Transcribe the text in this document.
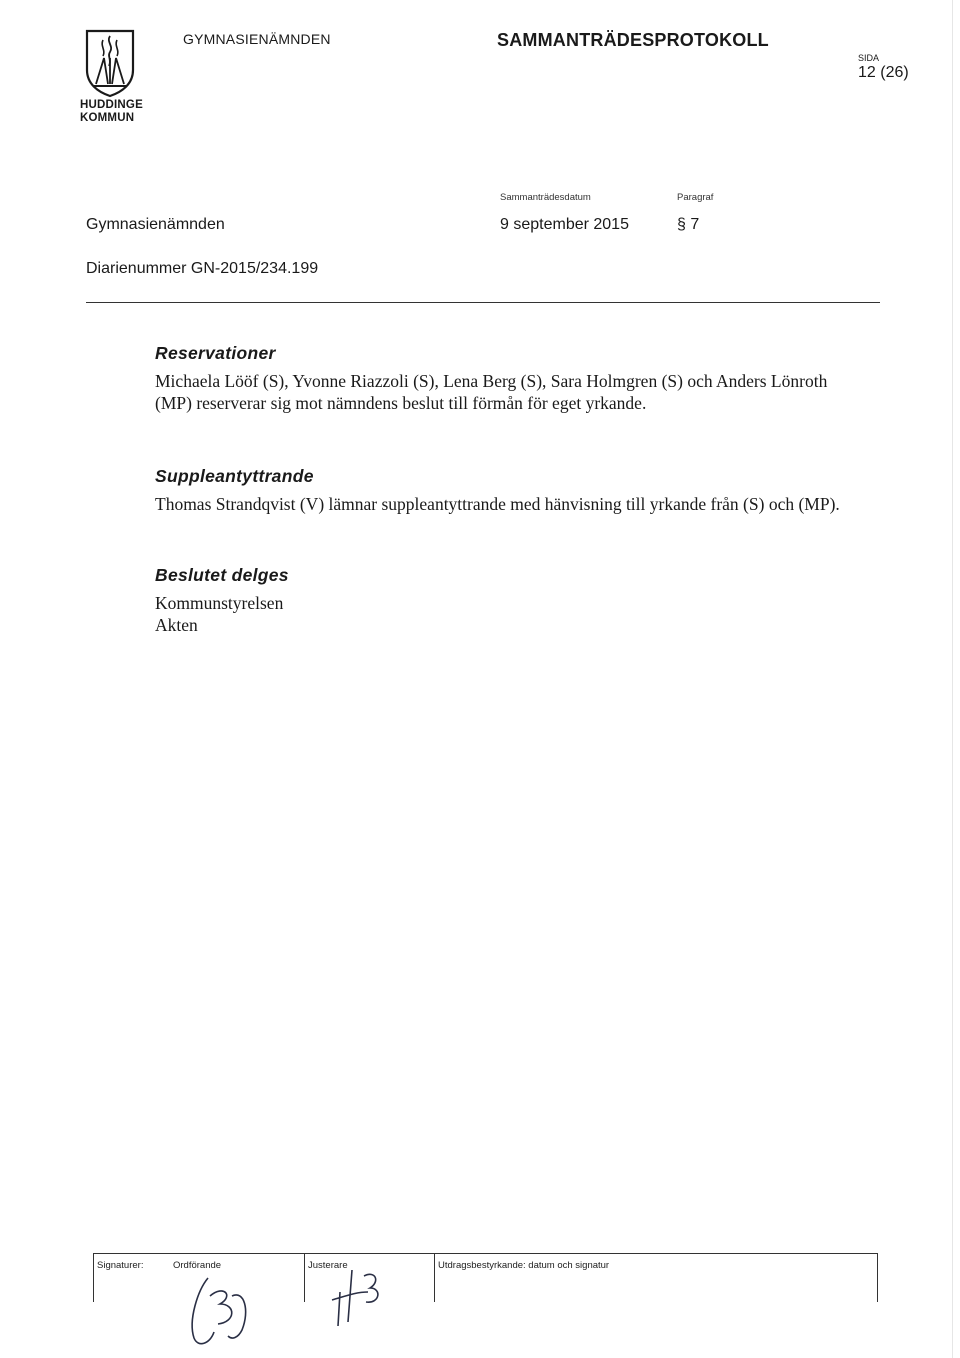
HUDDINGE
KOMMUN
GYMNASIENÄMNDEN	SAMMANTRÄDESPROTOKOLL
SIDA
12 (26)
Sammanträdesdatum	Paragraf
Gymnasienämnden	9 september 2015	§ 7
Diarienummer GN-2015/234.199
Reservationer

Michaela Lööf (S), Yvonne Riazzoli (S), Lena Berg (S), Sara Holmgren (S) och Anders Lönroth (MP) reserverar sig mot nämndens beslut till förmån för eget yrkande.

Suppleantyttrande

Thomas Strandqvist (V) lämnar suppleantyttrande med hänvisning till yrkande från (S) och (MP).

Beslutet delges

Kommunstyrelsen

Akten

Signaturer:	Ordförande	Justerare	Utdragsbestyrkande: datum och signatur
